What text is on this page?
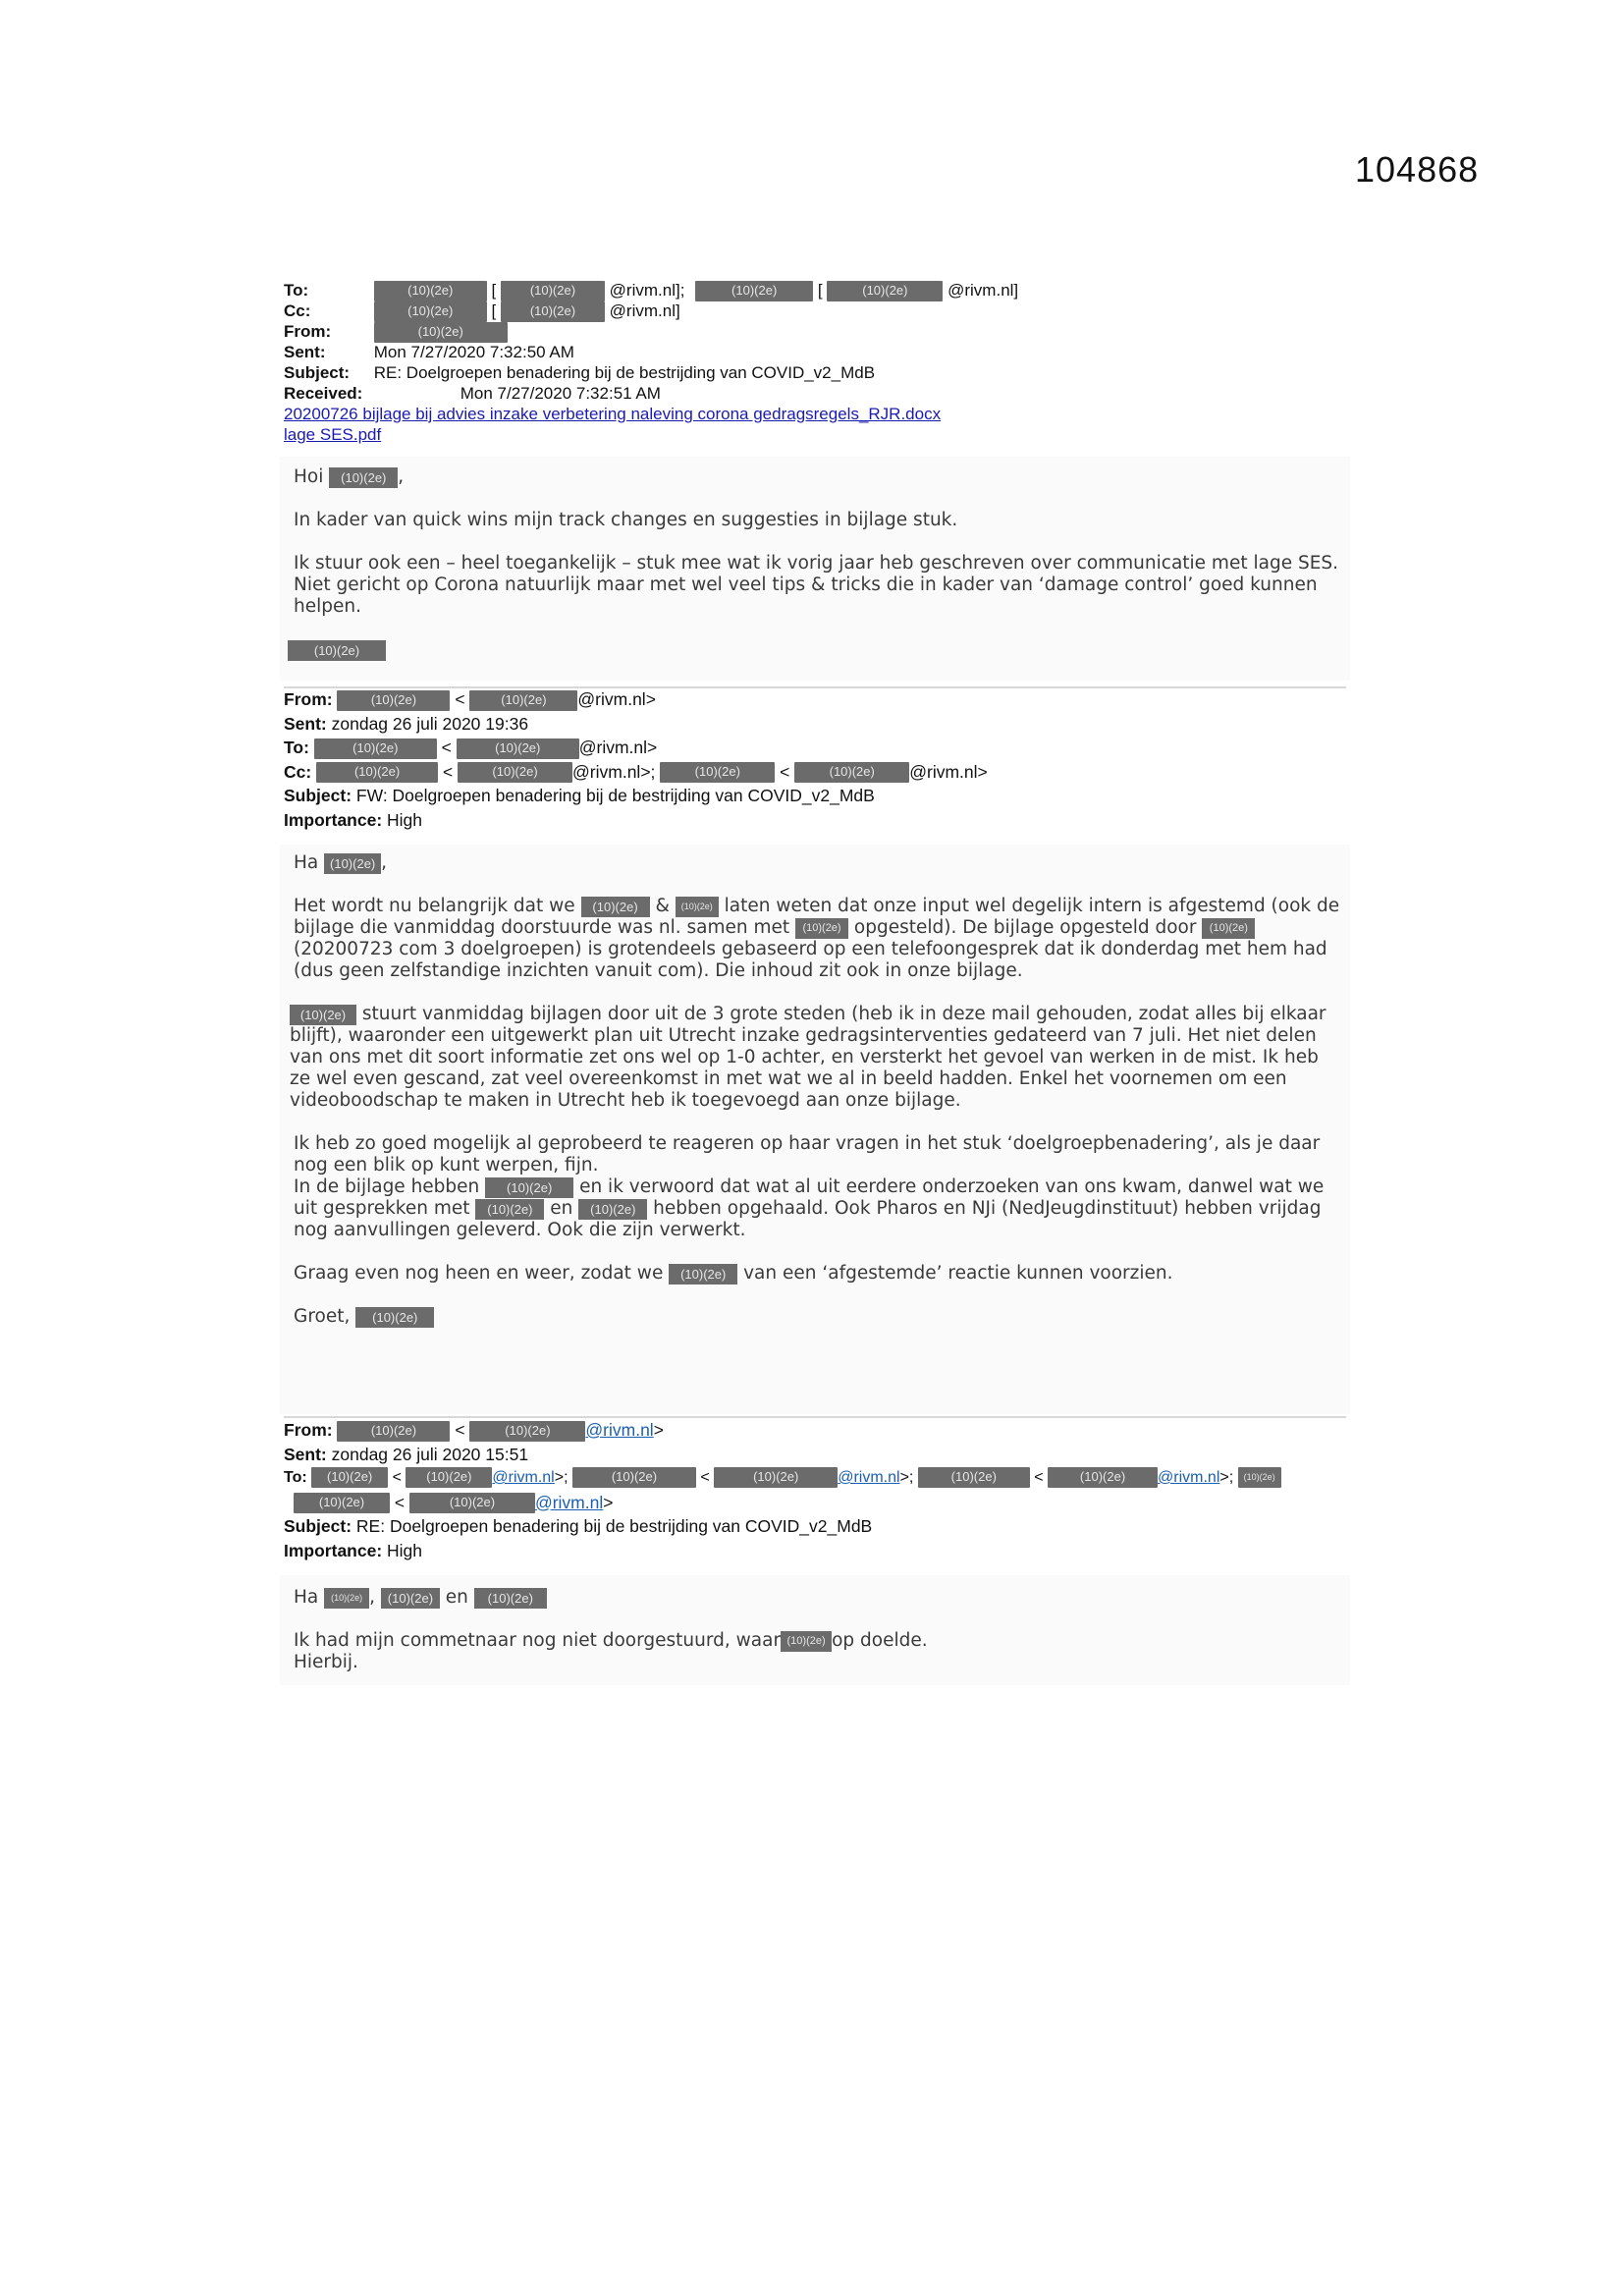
104868
To:	(10)(2e) [	(10)(2e) @rivm.nl];	(10)(2e) [	(10)(2e) @rivm.nl]
Cc:	(10)(2e) [	(10)(2e) @rivm.nl]
From:	(10)(2e)
Sent:	Mon 7/27/2020 7:32:50 AM
Subject: RE: Doelgroepen benadering bij de bestrijding van COVID_v2_MdB
Received:	Mon 7/27/2020 7:32:51 AM
20200726 bijlage bij advies inzake verbetering naleving corona gedragsregels_RJR.docx
lage SES.pdf

Hoi (10)(2e) ,

In kader van quick wins mijn track changes en suggesties in bijlage stuk.

Ik stuur ook een – heel toegankelijk – stuk mee wat ik vorig jaar heb geschreven over communicatie met lage SES. Niet gericht op Corona natuurlijk maar met wel veel tips & tricks die in kader van ‘damage control’ goed kunnen helpen.

(10)(2e)

From:	(10)(2e) < (10)(2e) @rivm.nl>
Sent: zondag 26 juli 2020 19:36
To:	(10)(2e) <	(10)(2e) @rivm.nl>
Cc:	(10)(2e) <	(10)(2e) @rivm.nl>;	(10)(2e) <	(10)(2e) @rivm.nl>
Subject: FW: Doelgroepen benadering bij de bestrijding van COVID_v2_MdB
Importance: High

Ha (10)(2e) ,

Het wordt nu belangrijk dat we (10)(2e) & (10)(2e) laten weten dat onze input wel degelijk intern is afgestemd (ook de bijlage die vanmiddag doorstuurde was nl. samen met (10)(2e) opgesteld). De bijlage opgesteld door (10)(2e) (20200723 com 3 doelgroepen) is grotendeels gebaseerd op een telefoongesprek dat ik donderdag met hem had (dus geen zelfstandige inzichten vanuit com). Die inhoud zit ook in onze bijlage.

(10)(2e) stuurt vanmiddag bijlagen door uit de 3 grote steden (heb ik in deze mail gehouden, zodat alles bij elkaar blijft), waaronder een uitgewerkt plan uit Utrecht inzake gedragsinterventies gedateerd van 7 juli. Het niet delen van ons met dit soort informatie zet ons wel op 1-0 achter, en versterkt het gevoel van werken in de mist. Ik heb ze wel even gescand, zat veel overeenkomst in met wat we al in beeld hadden. Enkel het voornemen om een videoboodschap te maken in Utrecht heb ik toegevoegd aan onze bijlage.

Ik heb zo goed mogelijk al geprobeerd te reageren op haar vragen in het stuk ‘doelgroepbenadering’, als je daar nog een blik op kunt werpen, fijn.

In de bijlage hebben (10)(2e) en ik verwoord dat wat al uit eerdere onderzoeken van ons kwam, danwel wat we uit gesprekken met (10)(2e) en (10)(2e) hebben opgehaald. Ook Pharos en NJi (NedJeugdinstituut) hebben vrijdag nog aanvullingen geleverd. Ook die zijn verwerkt.

Graag even nog heen en weer, zodat we (10)(2e) van een ‘afgestemde’ reactie kunnen voorzien.

Groet, (10)(2e)

From:	(10)(2e) <	(10)(2e) @rivm.nl>
Sent: zondag 26 juli 2020 15:51
To: (10)(2e) < (10)(2e) @rivm.nl>;	(10)(2e) <	(10)(2e) @rivm.nl>;	(10)(2e) <	(10)(2e) @rivm.nl>; (10)(2e)
(10)(2e) <	(10)(2e) @rivm.nl>
Subject: RE: Doelgroepen benadering bij de bestrijding van COVID_v2_MdB
Importance: High

Ha (10)(2e) , (10)(2e) en (10)(2e)

Ik had mijn commetnaar nog niet doorgestuurd, waar (10)(2e) op doelde.

Hierbij.
